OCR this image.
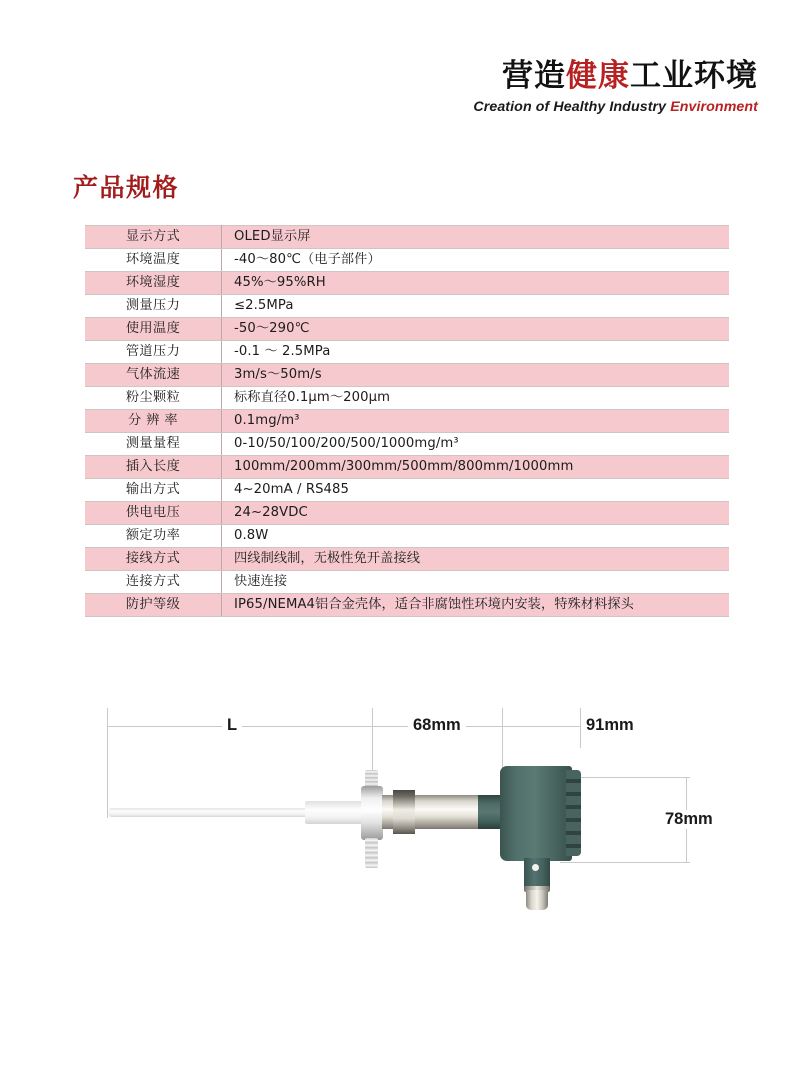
营造健康工业环境
Creation of Healthy Industry Environment
产品规格
显示方式	OLED显示屏
环境温度	-40～80℃（电子部件）
环境湿度	45%～95%RH
测量压力	≤2.5MPa
使用温度	-50～290℃
管道压力	-0.1 ～ 2.5MPa
气体流速	3m/s～50m/s
粉尘颗粒	标称直径0.1μm～200μm
分 辨 率	0.1mg/m³
测量量程	0-10/50/100/200/500/1000mg/m³
插入长度	100mm/200mm/300mm/500mm/800mm/1000mm
输出方式	4~20mA / RS485
供电电压	24~28VDC
额定功率	0.8W
接线方式	四线制线制，无极性免开盖接线
连接方式	快速连接
防护等级	IP65/NEMA4铝合金壳体，适合非腐蚀性环境内安装，特殊材料探头
L	68mm	91mm
78mm
